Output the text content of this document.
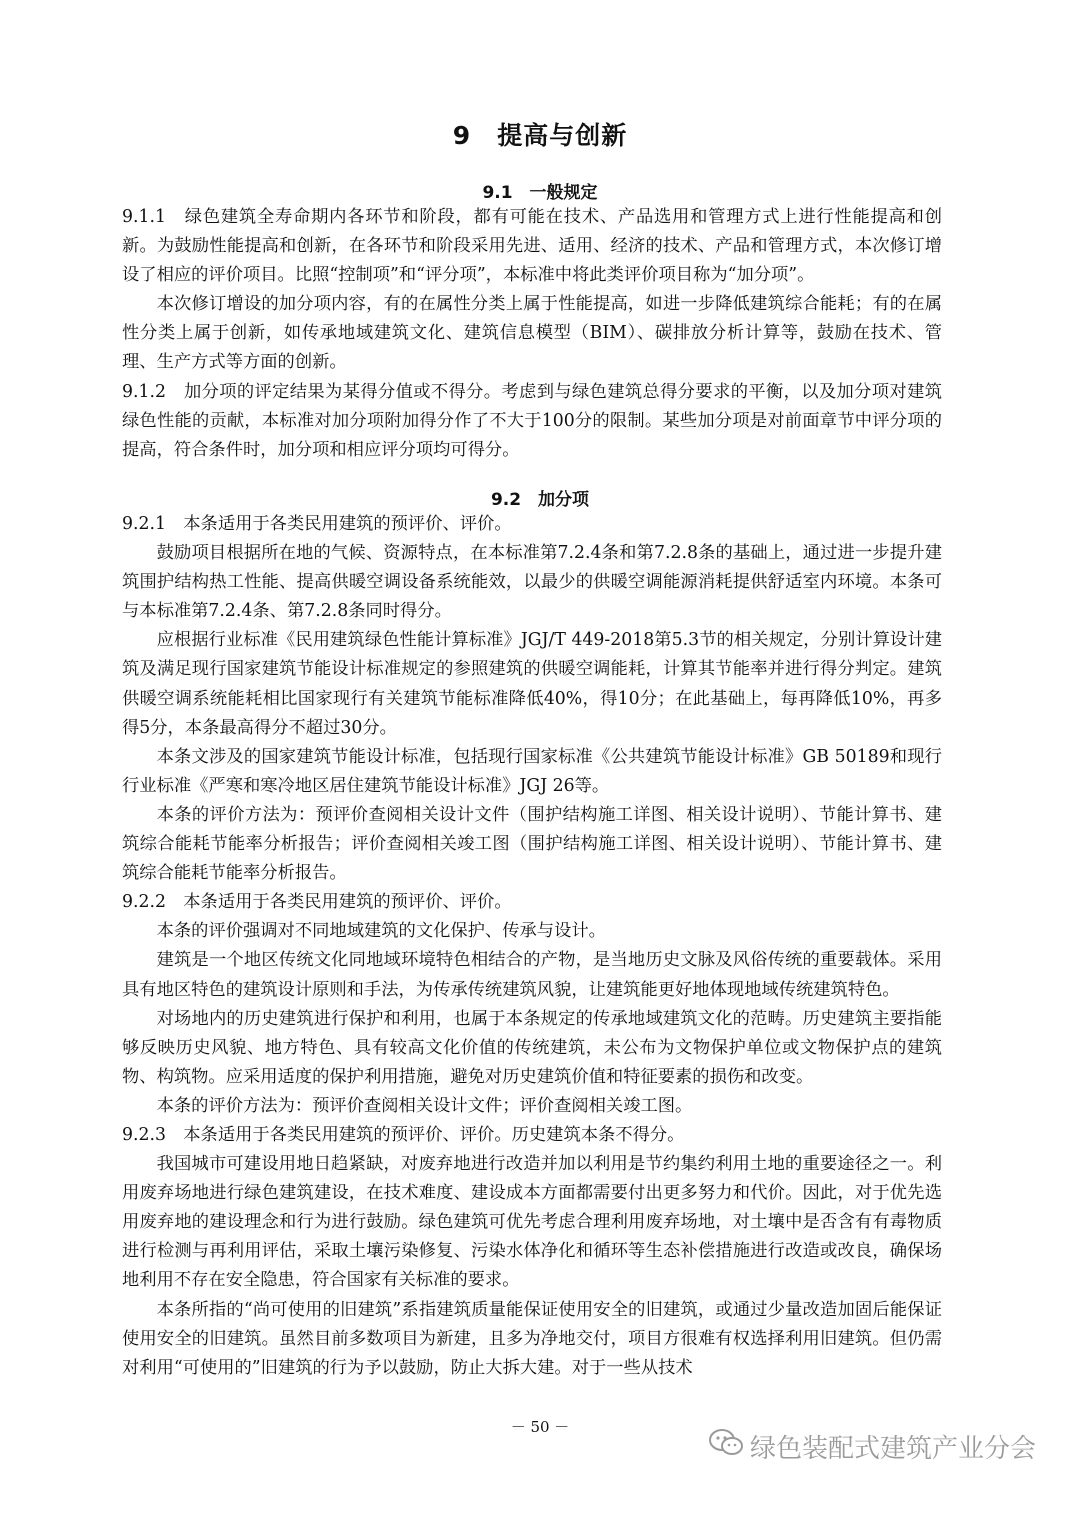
9　提高与创新
9.1　一般规定

9.1.1　绿色建筑全寿命期内各环节和阶段，都有可能在技术、产品选用和管理方式上进行性能提高和创新。为鼓励性能提高和创新，在各环节和阶段采用先进、适用、经济的技术、产品和管理方式，本次修订增设了相应的评价项目。比照“控制项”和“评分项”，本标准中将此类评价项目称为“加分项”。

本次修订增设的加分项内容，有的在属性分类上属于性能提高，如进一步降低建筑综合能耗；有的在属性分类上属于创新，如传承地域建筑文化、建筑信息模型（BIM）、碳排放分析计算等，鼓励在技术、管理、生产方式等方面的创新。

9.1.2　加分项的评定结果为某得分值或不得分。考虑到与绿色建筑总得分要求的平衡，以及加分项对建筑绿色性能的贡献，本标准对加分项附加得分作了不大于100分的限制。某些加分项是对前面章节中评分项的提高，符合条件时，加分项和相应评分项均可得分。

9.2　加分项

9.2.1　本条适用于各类民用建筑的预评价、评价。

鼓励项目根据所在地的气候、资源特点，在本标准第7.2.4条和第7.2.8条的基础上，通过进一步提升建筑围护结构热工性能、提高供暖空调设备系统能效，以最少的供暖空调能源消耗提供舒适室内环境。本条可与本标准第7.2.4条、第7.2.8条同时得分。

应根据行业标准《民用建筑绿色性能计算标准》JGJ/T 449-2018第5.3节的相关规定，分别计算设计建筑及满足现行国家建筑节能设计标准规定的参照建筑的供暖空调能耗，计算其节能率并进行得分判定。建筑供暖空调系统能耗相比国家现行有关建筑节能标准降低40%，得10分；在此基础上，每再降低10%，再多得5分，本条最高得分不超过30分。

本条文涉及的国家建筑节能设计标准，包括现行国家标准《公共建筑节能设计标准》GB 50189和现行行业标准《严寒和寒冷地区居住建筑节能设计标准》JGJ 26等。

本条的评价方法为：预评价查阅相关设计文件（围护结构施工详图、相关设计说明）、节能计算书、建筑综合能耗节能率分析报告；评价查阅相关竣工图（围护结构施工详图、相关设计说明）、节能计算书、建筑综合能耗节能率分析报告。

9.2.2　本条适用于各类民用建筑的预评价、评价。

本条的评价强调对不同地域建筑的文化保护、传承与设计。

建筑是一个地区传统文化同地域环境特色相结合的产物，是当地历史文脉及风俗传统的重要载体。采用具有地区特色的建筑设计原则和手法，为传承传统建筑风貌，让建筑能更好地体现地域传统建筑特色。

对场地内的历史建筑进行保护和利用，也属于本条规定的传承地域建筑文化的范畴。历史建筑主要指能够反映历史风貌、地方特色、具有较高文化价值的传统建筑，未公布为文物保护单位或文物保护点的建筑物、构筑物。应采用适度的保护利用措施，避免对历史建筑价值和特征要素的损伤和改变。

本条的评价方法为：预评价查阅相关设计文件；评价查阅相关竣工图。

9.2.3　本条适用于各类民用建筑的预评价、评价。历史建筑本条不得分。

我国城市可建设用地日趋紧缺，对废弃地进行改造并加以利用是节约集约利用土地的重要途径之一。利用废弃场地进行绿色建筑建设，在技术难度、建设成本方面都需要付出更多努力和代价。因此，对于优先选用废弃地的建设理念和行为进行鼓励。绿色建筑可优先考虑合理利用废弃场地，对土壤中是否含有有毒物质进行检测与再利用评估，采取土壤污染修复、污染水体净化和循环等生态补偿措施进行改造或改良，确保场地利用不存在安全隐患，符合国家有关标准的要求。

本条所指的“尚可使用的旧建筑”系指建筑质量能保证使用安全的旧建筑，或通过少量改造加固后能保证使用安全的旧建筑。虽然目前多数项目为新建，且多为净地交付，项目方很难有权选择利用旧建筑。但仍需对利用“可使用的”旧建筑的行为予以鼓励，防止大拆大建。对于一些从技术

－ 50 －
绿色装配式建筑产业分会
